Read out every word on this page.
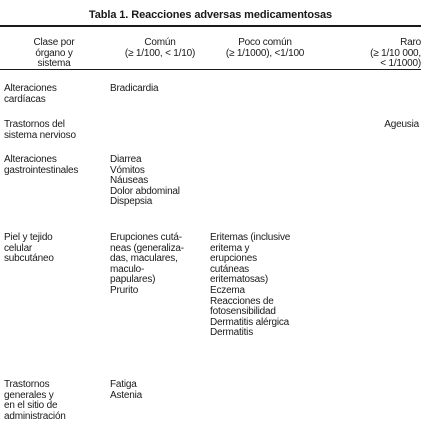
Tabla 1. Reacciones adversas medicamentosas
Clase por
órgano y
sistema
Común
(≥ 1/100, < 1/10)
Poco común
(≥ 1/1000), <1/100
Raro
(≥ 1/10 000,
< 1/1000)
Alteraciones
cardíacas
Bradicardia
Trastornos del
sistema nervioso
Ageusia
Alteraciones
gastrointestinales
Diarrea
Vómitos
Náuseas
Dolor abdominal
Dispepsia
Piel y tejido
celular
subcutáneo
Erupciones cutá-
neas (generaliza-
das, maculares,
maculo-
papulares)
Prurito
Eritemas (inclusive
eritema y
erupciones
cutáneas
eritematosas)
Eczema
Reacciones de
fotosensibilidad
Dermatitis alérgica
Dermatitis
Trastornos
generales y
en el sitio de
administración
Fatiga
Astenia
